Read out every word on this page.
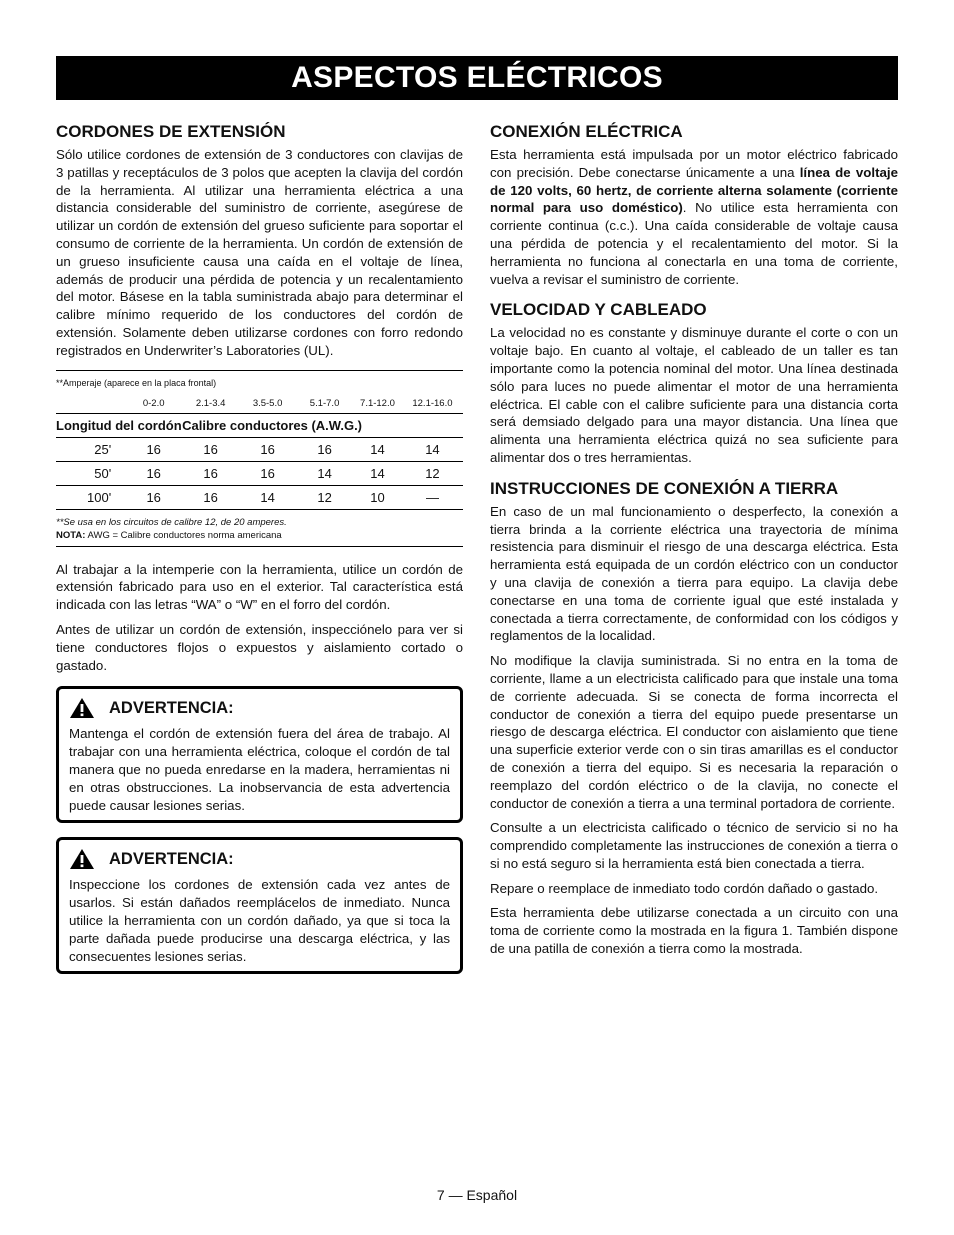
ASPECTOS ELÉCTRICOS
CORDONES DE EXTENSIÓN

Sólo utilice cordones de extensión de 3 conductores con clavijas de 3 patillas y receptáculos de 3 polos que acepten la clavija del cordón de la herramienta. Al utilizar una herramienta eléctrica a una distancia considerable del suministro de corriente, asegúrese de utilizar un cordón de extensión del grueso suficiente para soportar el consumo de corriente de la herramienta. Un cordón de extensión de un grueso insuficiente causa una caída en el voltaje de línea, además de producir una pérdida de potencia y un recalentamiento del motor. Básese en la tabla suministrada abajo para determinar el calibre mínimo requerido de los conductores del cordón de extensión. Solamente deben utilizarse cordones con forro redondo registrados en Underwriter’s Laboratories (UL).

**Amperaje (aparece en la placa frontal)
	0-2.0	2.1-3.4	3.5-5.0	5.1-7.0	7.1-12.0	12.1-16.0
Longitud del cordón		Calibre conductores (A.W.G.)				
25'	16	16	16	16	14	14
50'	16	16	16	14	14	12
100'	16	16	14	12	10	—
**Se usa en los circuitos de calibre 12, de 20 amperes.
NOTA: AWG = Calibre conductores norma americana

Al trabajar a la intemperie con la herramienta, utilice un cordón de extensión fabricado para uso en el exterior. Tal característica está indicada con las letras “WA” o “W” en el forro del cordón.

Antes de utilizar un cordón de extensión, inspecciónelo para ver si tiene conductores flojos o expuestos y aislamiento cortado o gastado.

ADVERTENCIA:

Mantenga el cordón de extensión fuera del área de trabajo. Al trabajar con una herramienta eléctrica, coloque el cordón de tal manera que no pueda enredarse en la madera, herramientas ni en otras obstrucciones. La inobservancia de esta advertencia puede causar lesiones serias.

ADVERTENCIA:

Inspeccione los cordones de extensión cada vez antes de usarlos. Si están dañados reemplácelos de inmediato. Nunca utilice la herramienta con un cordón dañado, ya que si toca la parte dañada puede producirse una descarga eléctrica, y las consecuentes lesiones serias.

CONEXIÓN ELÉCTRICA

Esta herramienta está impulsada por un motor eléctrico fabricado con precisión. Debe conectarse únicamente a una línea de voltaje de 120 volts, 60 hertz, de corriente alterna solamente (corriente normal para uso doméstico). No utilice esta herramienta con corriente continua (c.c.). Una caída considerable de voltaje causa una pérdida de potencia y el recalentamiento del motor. Si la herramienta no funciona al conectarla en una toma de corriente, vuelva a revisar el suministro de corriente.

VELOCIDAD Y CABLEADO

La velocidad no es constante y disminuye durante el corte o con un voltaje bajo. En cuanto al voltaje, el cableado de un taller es tan importante como la potencia nominal del motor. Una línea destinada sólo para luces no puede alimentar el motor de una herramienta eléctrica. El cable con el calibre suficiente para una distancia corta será demsiado delgado para una mayor distancia. Una línea que alimenta una herramienta eléctrica quizá no sea suficiente para alimentar dos o tres herramientas.

INSTRUCCIONES DE CONEXIÓN A TIERRA

En caso de un mal funcionamiento o desperfecto, la conexión a tierra brinda a la corriente eléctrica una trayectoria de mínima resistencia para disminuir el riesgo de una descarga eléctrica. Esta herramienta está equipada de un cordón eléctrico con un conductor y una clavija de conexión a tierra para equipo. La clavija debe conectarse en una toma de corriente igual que esté instalada y conectada a tierra correctamente, de conformidad con los códigos y reglamentos de la localidad.

No modifique la clavija suministrada. Si no entra en la toma de corriente, llame a un electricista calificado para que instale una toma de corriente adecuada. Si se conecta de forma incorrecta el conductor de conexión a tierra del equipo puede presentarse un riesgo de descarga eléctrica. El conductor con aislamiento que tiene una superficie exterior verde con o sin tiras amarillas es el conductor de conexión a tierra del equipo. Si es necesaria la reparación o reemplazo del cordón eléctrico o de la clavija, no conecte el conductor de conexión a tierra a una terminal portadora de corriente.

Consulte a un electricista calificado o técnico de servicio si no ha comprendido completamente las instrucciones de conexión a tierra o si no está seguro si la herramienta está bien conectada a tierra.

Repare o reemplace de inmediato todo cordón dañado o gastado.

Esta herramienta debe utilizarse conectada a un circuito con una toma de corriente como la mostrada en la figura 1. También dispone de una patilla de conexión a tierra como la mostrada.

7 — Español
